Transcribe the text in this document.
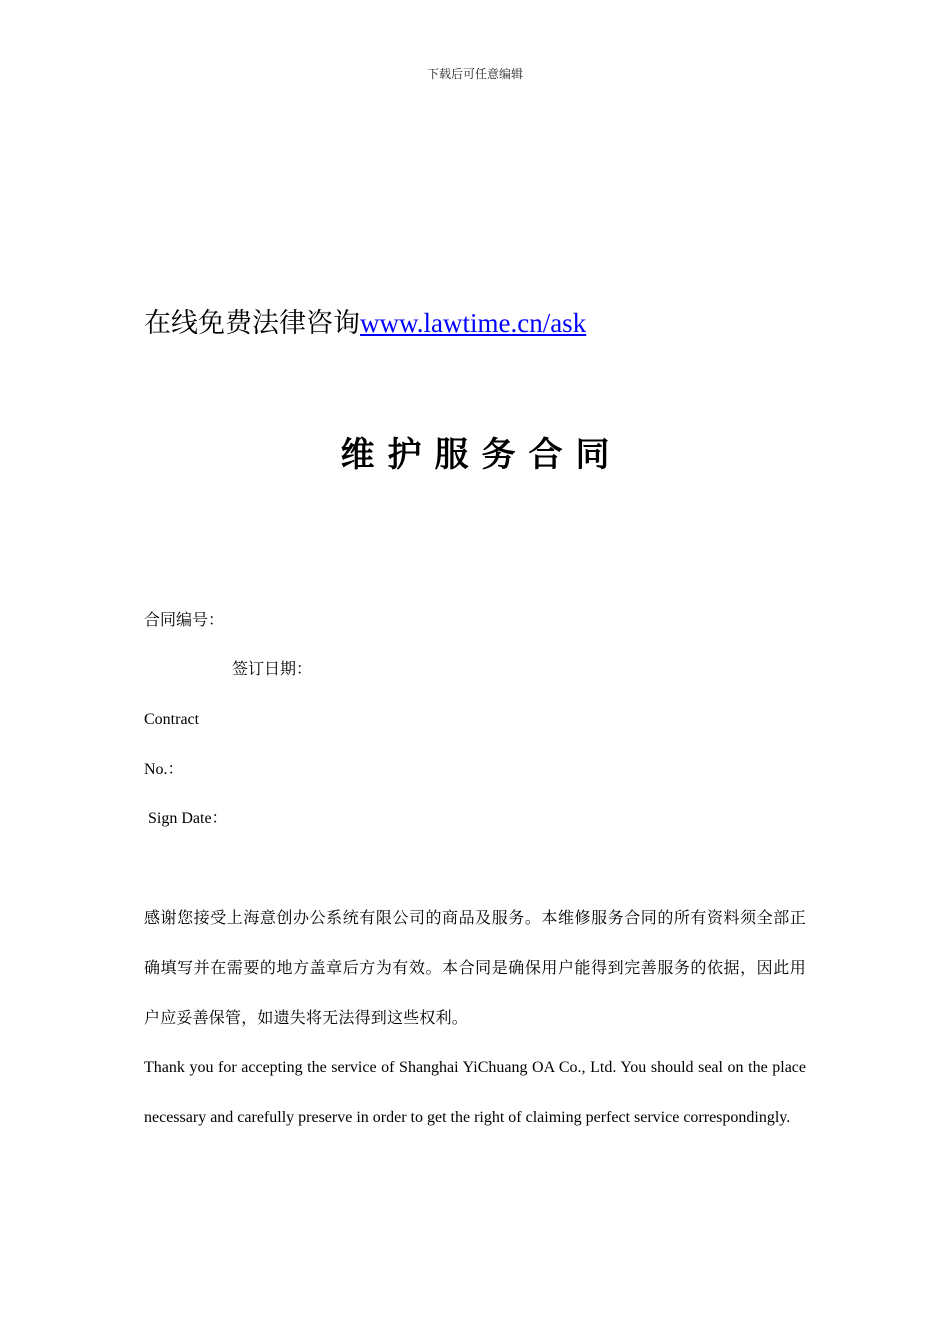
下载后可任意编辑
在线免费法律咨询www.lawtime.cn/ask
维护服务合同
合同编号：
签订日期：
Contract
No.：
Sign Date：
感谢您接受上海意创办公系统有限公司的商品及服务。本维修服务合同的所有资料须全部正确填写并在需要的地方盖章后方为有效。本合同是确保用户能得到完善服务的依据，因此用户应妥善保管，如遗失将无法得到这些权利。
Thank you for accepting the service of Shanghai YiChuang OA Co., Ltd. You should seal on the place necessary and carefully preserve in order to get the right of claiming perfect service correspondingly.
